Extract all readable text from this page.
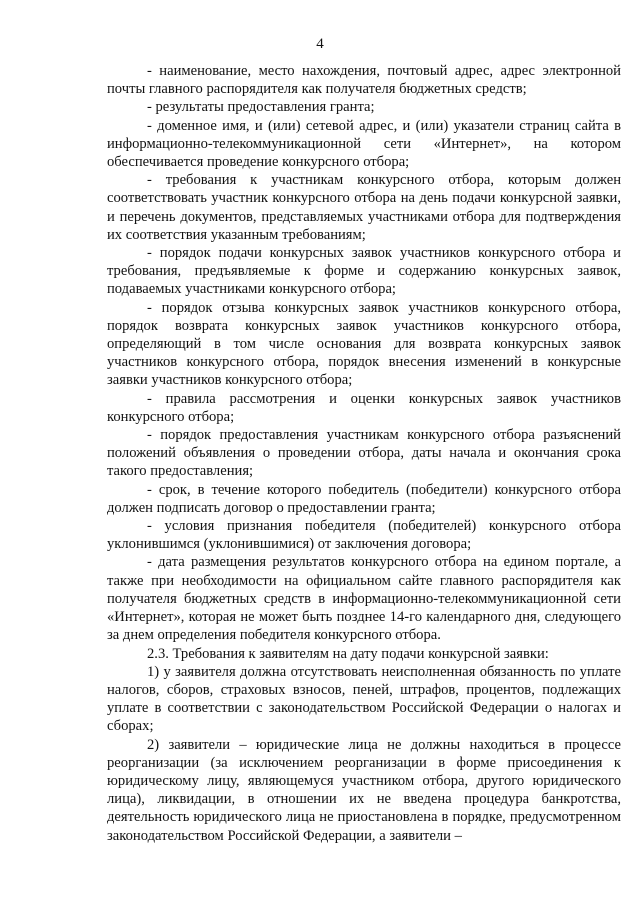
4

- наименование, место нахождения, почтовый адрес, адрес электронной почты главного распорядителя как получателя бюджетных средств;

- результаты предоставления гранта;

- доменное имя, и (или) сетевой адрес, и (или) указатели страниц сайта в информационно-телекоммуникационной сети «Интернет», на котором обеспечивается проведение конкурсного отбора;

- требования к участникам конкурсного отбора, которым должен соответствовать участник конкурсного отбора на день подачи конкурсной заявки, и перечень документов, представляемых участниками отбора для подтверждения их соответствия указанным требованиям;

- порядок подачи конкурсных заявок участников конкурсного отбора и требования, предъявляемые к форме и содержанию конкурсных заявок, подаваемых участниками конкурсного отбора;

- порядок отзыва конкурсных заявок участников конкурсного отбора, порядок возврата конкурсных заявок участников конкурсного отбора, определяющий в том числе основания для возврата конкурсных заявок участников конкурсного отбора, порядок внесения изменений в конкурсные заявки участников конкурсного отбора;

- правила рассмотрения и оценки конкурсных заявок участников конкурсного отбора;

- порядок предоставления участникам конкурсного отбора разъяснений положений объявления о проведении отбора, даты начала и окончания срока такого предоставления;

- срок, в течение которого победитель (победители) конкурсного отбора должен подписать договор о предоставлении гранта;

- условия признания победителя (победителей) конкурсного отбора уклонившимся (уклонившимися) от заключения договора;

- дата размещения результатов конкурсного отбора на едином портале, а также при необходимости на официальном сайте главного распорядителя как получателя бюджетных средств в информационно-телекоммуникационной сети «Интернет», которая не может быть позднее 14-го календарного дня, следующего за днем определения победителя конкурсного отбора.

2.3. Требования к заявителям на дату подачи конкурсной заявки:

1) у заявителя должна отсутствовать неисполненная обязанность по уплате налогов, сборов, страховых взносов, пеней, штрафов, процентов, подлежащих уплате в соответствии с законодательством Российской Федерации о налогах и сборах;

2) заявители – юридические лица не должны находиться в процессе реорганизации (за исключением реорганизации в форме присоединения к юридическому лицу, являющемуся участником отбора, другого юридического лица), ликвидации, в отношении их не введена процедура банкротства, деятельность юридического лица не приостановлена в порядке, предусмотренном законодательством Российской Федерации, а заявители –
